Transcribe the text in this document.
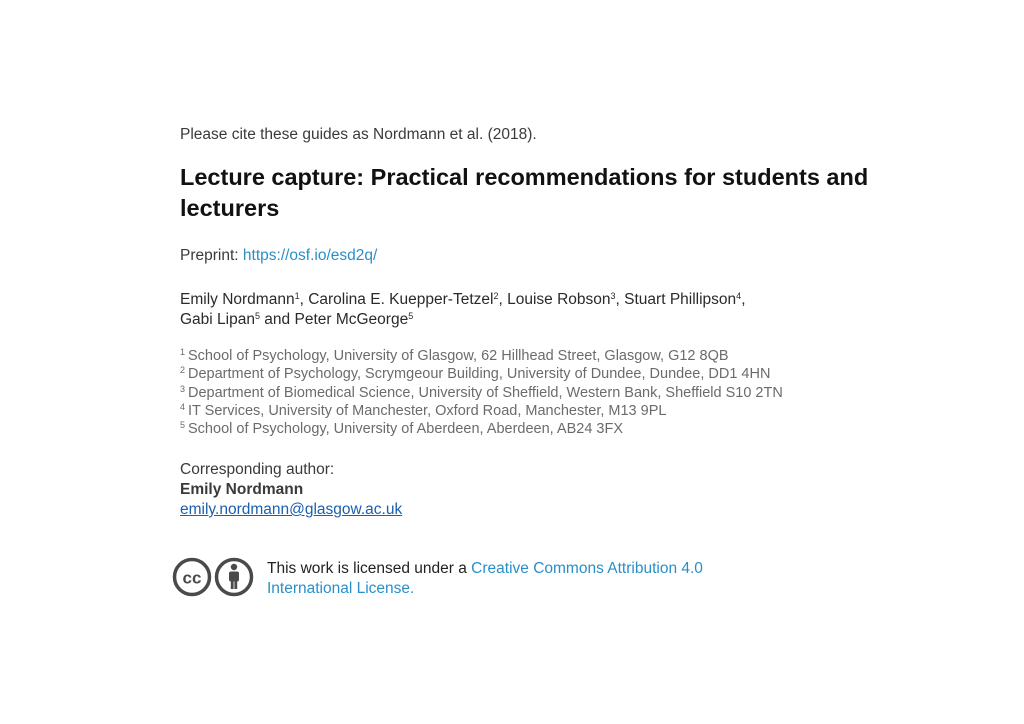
Please cite these guides as Nordmann et al. (2018).
Lecture capture: Practical recommendations for students and lecturers
Preprint: https://osf.io/esd2q/
Emily Nordmann$^1$, Carolina E. Kuepper-Tetzel$^2$, Louise Robson$^3$, Stuart Phillipson$^4$,
Gabi Lipan$^5$ and Peter McGeorge$^5$
$^1$ School of Psychology, University of Glasgow, 62 Hillhead Street, Glasgow, G12 8QB
$^2$ Department of Psychology, Scrymgeour Building, University of Dundee, Dundee, DD1 4HN
$^3$ Department of Biomedical Science, University of Sheffield, Western Bank, Sheffield S10 2TN
$^4$ IT Services, University of Manchester, Oxford Road, Manchester, M13 9PL
$^5$ School of Psychology, University of Aberdeen, Aberdeen, AB24 3FX
Corresponding author:
Emily Nordmann
emily.nordmann@glasgow.ac.uk
cc	This work is licensed under a Creative Commons Attribution 4.0
International License.
